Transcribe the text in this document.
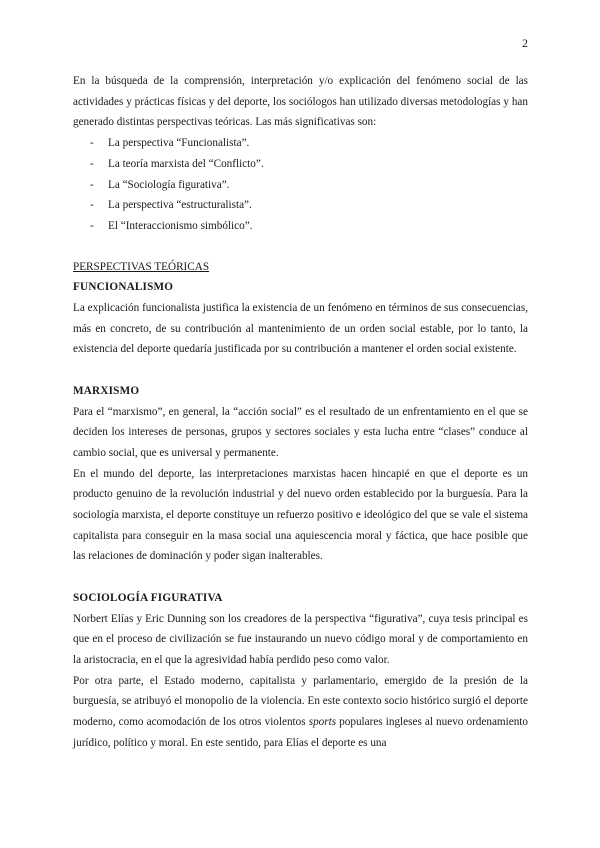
2

En la búsqueda de la comprensión, interpretación y/o explicación del fenómeno social de las actividades y prácticas físicas y del deporte, los sociólogos han utilizado diversas metodologías y han generado distintas perspectivas teóricas. Las más significativas son:

-	La perspectiva “Funcionalista”.
-	La teoría marxista del “Conflicto”.
-	La “Sociología figurativa”.
-	La perspectiva “estructuralista”.
-	El “Interaccionismo simbólico”.
PERSPECTIVAS TEÓRICAS
FUNCIONALISMO

La explicación funcionalista justifica la existencia de un fenómeno en términos de sus consecuencias, más en concreto, de su contribución al mantenimiento de un orden social estable, por lo tanto, la existencia del deporte quedaría justificada por su contribución a mantener el orden social existente.

MARXISMO

Para el “marxismo”, en general, la “acción social” es el resultado de un enfrentamiento en el que se deciden los intereses de personas, grupos y sectores sociales y esta lucha entre “clases” conduce al cambio social, que es universal y permanente.

En el mundo del deporte, las interpretaciones marxistas hacen hincapié en que el deporte es un producto genuino de la revolución industrial y del nuevo orden establecido por la burguesía. Para la sociología marxista, el deporte constituye un refuerzo positivo e ideológico del que se vale el sistema capitalista para conseguir en la masa social una aquiescencia moral y fáctica, que hace posible que las relaciones de dominación y poder sigan inalterables.

SOCIOLOGÍA FIGURATIVA

Norbert Elías y Eric Dunning son los creadores de la perspectiva “figurativa”, cuya tesis principal es que en el proceso de civilización se fue instaurando un nuevo código moral y de comportamiento en la aristocracia, en el que la agresividad había perdido peso como valor.

Por otra parte, el Estado moderno, capitalista y parlamentario, emergido de la presión de la burguesía, se atribuyó el monopolio de la violencia. En este contexto socio histórico surgió el deporte moderno, como acomodación de los otros violentos sports populares ingleses al nuevo ordenamiento jurídico, político y moral. En este sentido, para Elías el deporte es una
